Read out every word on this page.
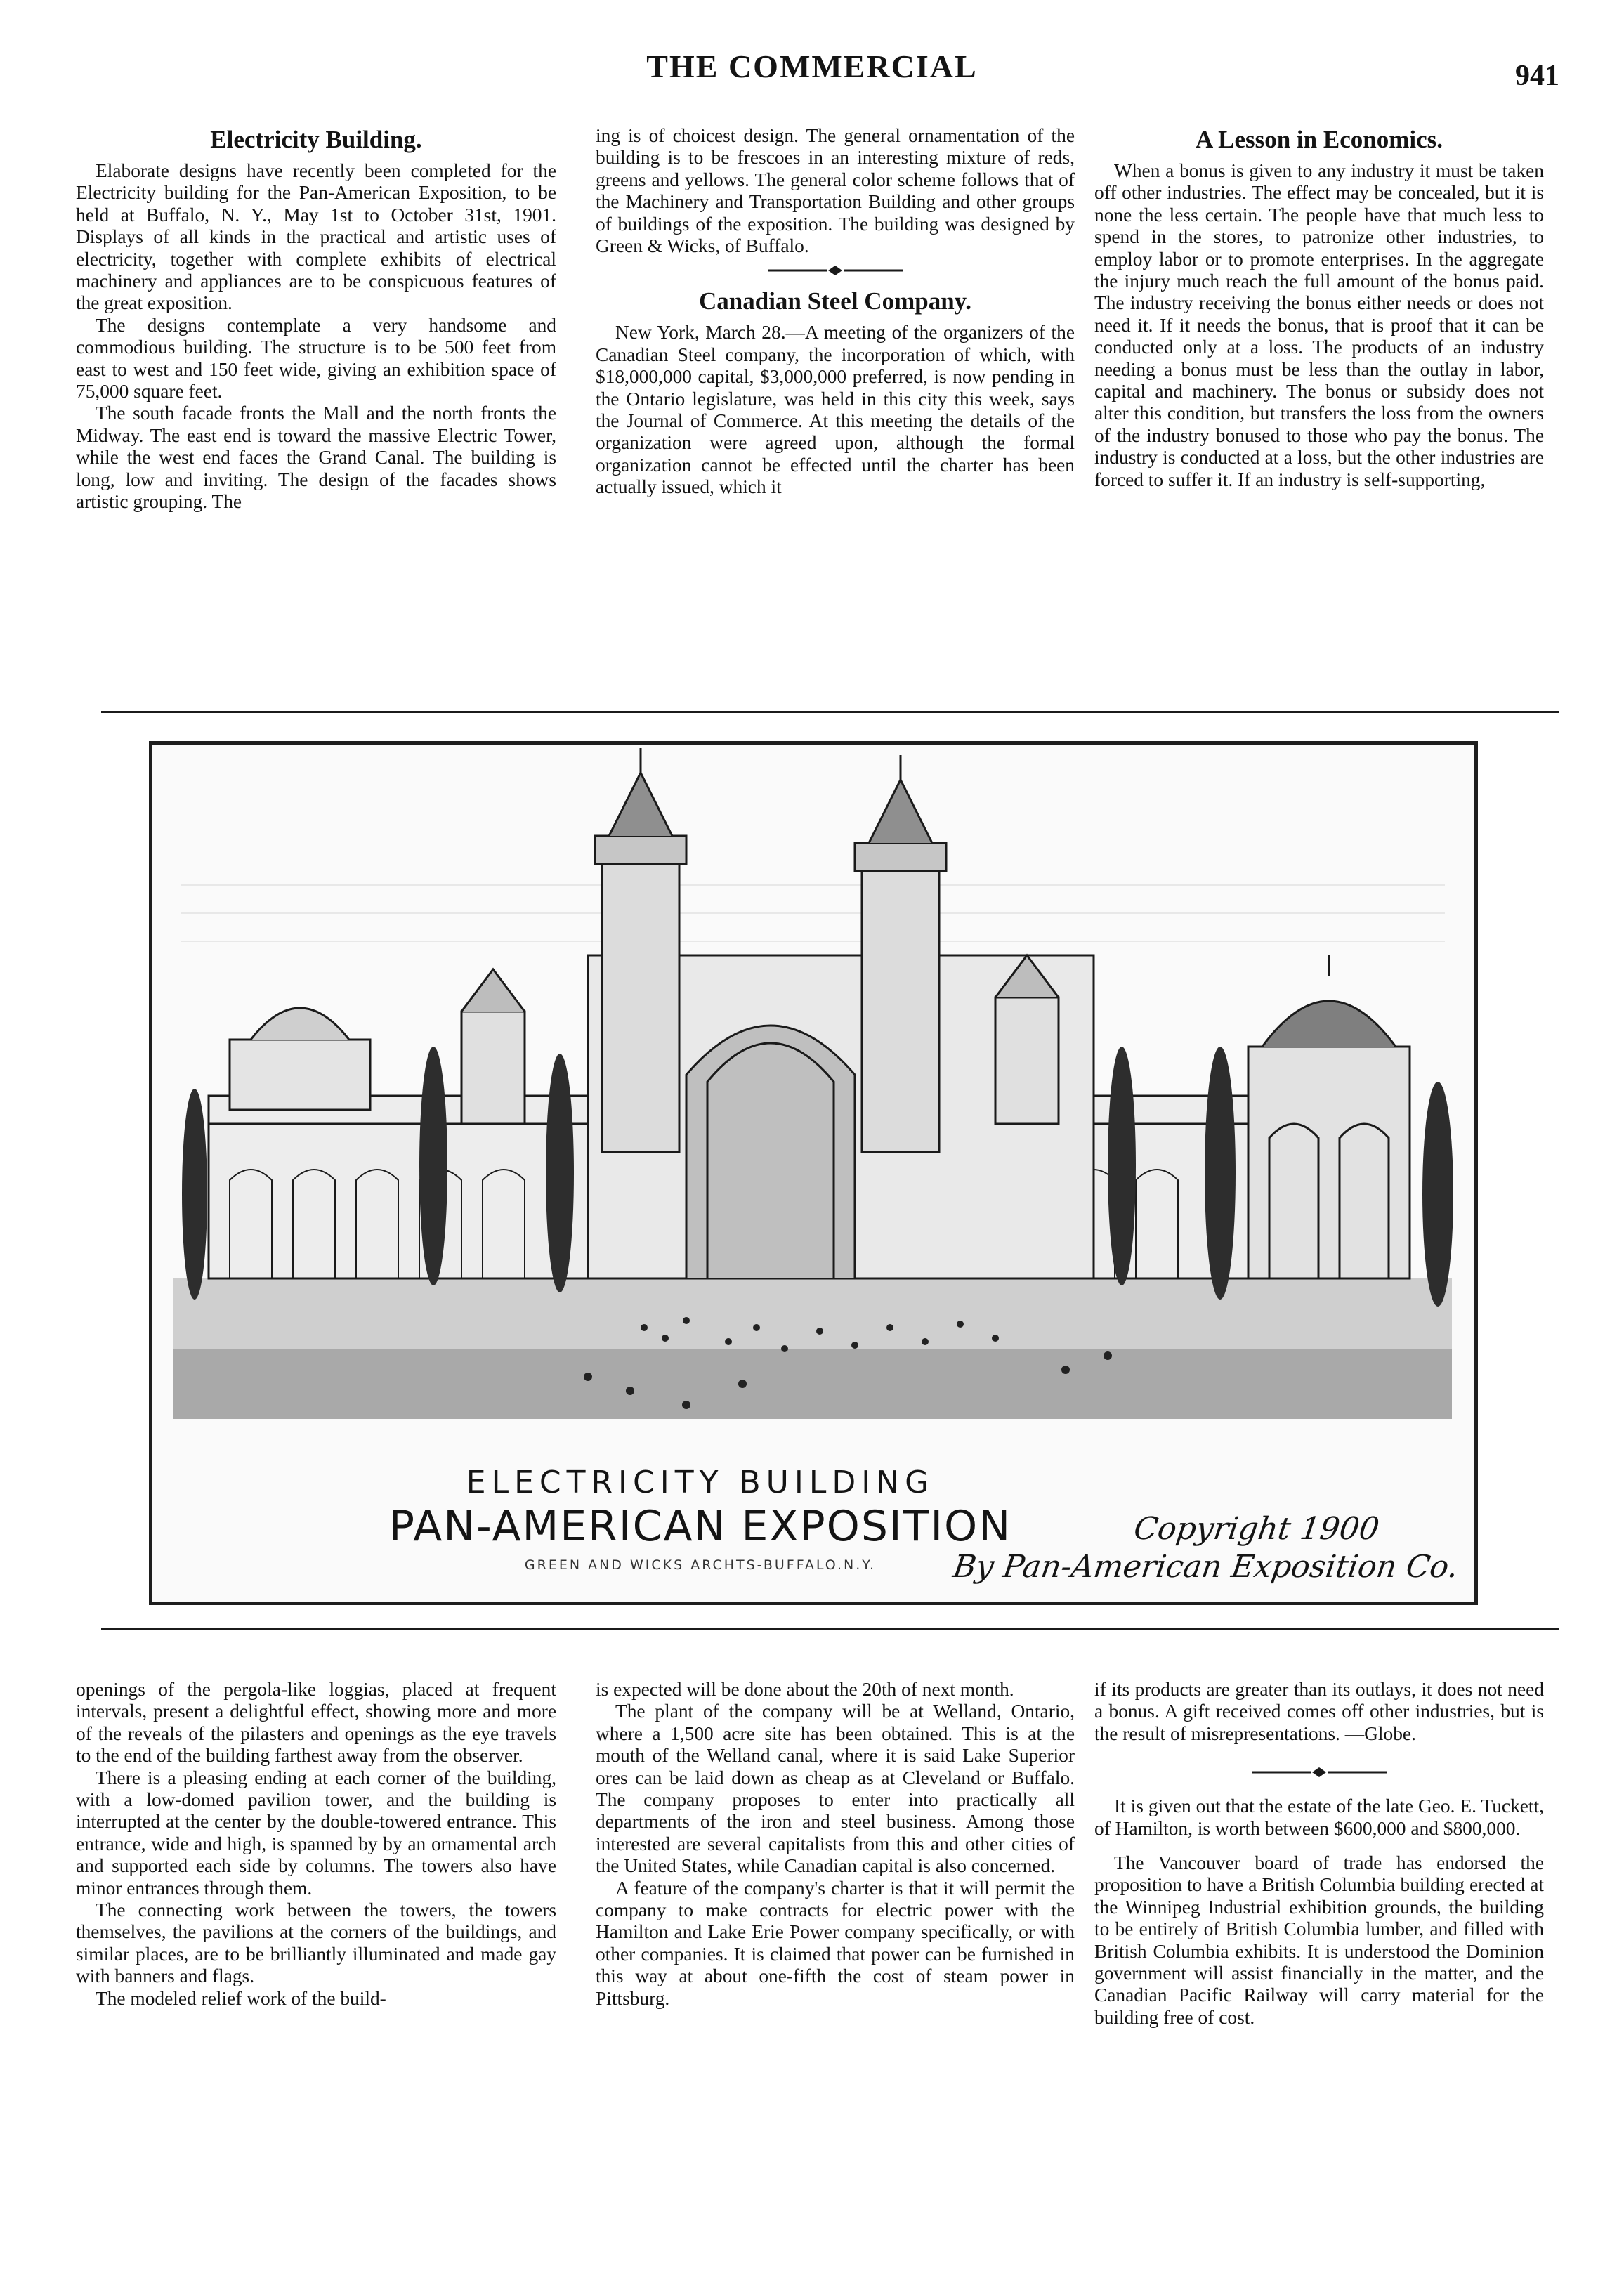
THE COMMERCIAL	941
Electricity Building.

Elaborate designs have recently been completed for the Electricity building for the Pan-American Exposition, to be held at Buffalo, N. Y., May 1st to October 31st, 1901. Displays of all kinds in the practical and artistic uses of electricity, together with complete exhibits of electrical machinery and appliances are to be conspicuous features of the great exposition.

The designs contemplate a very handsome and commodious building. The structure is to be 500 feet from east to west and 150 feet wide, giving an exhibition space of 75,000 square feet.

The south facade fronts the Mall and the north fronts the Midway. The east end is toward the massive Electric Tower, while the west end faces the Grand Canal. The building is long, low and inviting. The design of the facades shows artistic grouping. The

ing is of choicest design. The general ornamentation of the building is to be frescoes in an interesting mixture of reds, greens and yellows. The general color scheme follows that of the Machinery and Transportation Building and other groups of buildings of the exposition. The building was designed by Green & Wicks, of Buffalo.

Canadian Steel Company.

New York, March 28.—A meeting of the organizers of the Canadian Steel company, the incorporation of which, with $18,000,000 capital, $3,000,000 preferred, is now pending in the Ontario legislature, was held in this city this week, says the Journal of Commerce. At this meeting the details of the organization were agreed upon, although the formal organization cannot be effected until the charter has been actually issued, which it

A Lesson in Economics.

When a bonus is given to any industry it must be taken off other industries. The effect may be concealed, but it is none the less certain. The people have that much less to spend in the stores, to patronize other industries, to employ labor or to promote enterprises. In the aggregate the injury much reach the full amount of the bonus paid. The industry receiving the bonus either needs or does not need it. If it needs the bonus, that is proof that it can be conducted only at a loss. The products of an industry needing a bonus must be less than the outlay in labor, capital and machinery. The bonus or subsidy does not alter this condition, but transfers the loss from the owners of the industry bonused to those who pay the bonus. The industry is conducted at a loss, but the other industries are forced to suffer it. If an industry is self-supporting,

ELECTRICITY BUILDING
PAN-AMERICAN EXPOSITION
GREEN AND WICKS ARCHTS-BUFFALO.N.Y.
Copyright 1900
By Pan-American Exposition Co.

openings of the pergola-like loggias, placed at frequent intervals, present a delightful effect, showing more and more of the reveals of the pilasters and openings as the eye travels to the end of the building farthest away from the observer.

There is a pleasing ending at each corner of the building, with a low-domed pavilion tower, and the building is interrupted at the center by the double-towered entrance. This entrance, wide and high, is spanned by by an ornamental arch and supported each side by columns. The towers also have minor entrances through them.

The connecting work between the towers, the towers themselves, the pavilions at the corners of the buildings, and similar places, are to be brilliantly illuminated and made gay with banners and flags.

The modeled relief work of the build-

is expected will be done about the 20th of next month.

The plant of the company will be at Welland, Ontario, where a 1,500 acre site has been obtained. This is at the mouth of the Welland canal, where it is said Lake Superior ores can be laid down as cheap as at Cleveland or Buffalo. The company proposes to enter into practically all departments of the iron and steel business. Among those interested are several capitalists from this and other cities of the United States, while Canadian capital is also concerned.

A feature of the company's charter is that it will permit the company to make contracts for electric power with the Hamilton and Lake Erie Power company specifically, or with other companies. It is claimed that power can be furnished in this way at about one-fifth the cost of steam power in Pittsburg.

if its products are greater than its outlays, it does not need a bonus. A gift received comes off other industries, but is the result of misrepresentations. —Globe.

It is given out that the estate of the late Geo. E. Tuckett, of Hamilton, is worth between $600,000 and $800,000.

The Vancouver board of trade has endorsed the proposition to have a British Columbia building erected at the Winnipeg Industrial exhibition grounds, the building to be entirely of British Columbia lumber, and filled with British Columbia exhibits. It is understood the Dominion government will assist financially in the matter, and the Canadian Pacific Railway will carry material for the building free of cost.
